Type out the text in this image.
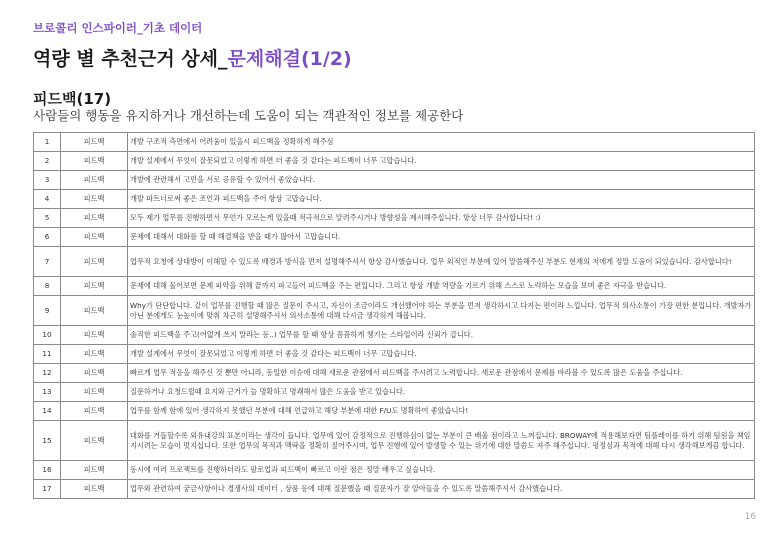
브로콜리 인스파이러_기초 데이터
역량 별 추천근거 상세_문제해결(1/2)
피드백(17)
사람들의 행동을 유지하거나 개선하는데 도움이 되는 객관적인 정보를 제공한다
1	피드백	개발 구조적 측면에서 어려움이 있을시 피드백을 정확하게 해주심
2	피드백	개발 설계에서 무엇이 잘못되었고 이렇게 하면 더 좋을 것 같다는 피드백이 너무 고맙습니다.
3	피드백	개발에 관련해서 고민을 서로 공유할 수 있어서 좋았습니다.
4	피드백	개발 파트너로써 좋은 조언과 피드백을 주어 항상 고맙습니다.
5	피드백	모두 제가 업무를 진행하면서 무언가 모르는게 있을때 적극적으로 알려주시거나 방향성을 제시해주십니다. 항상 너무 감사합니다! :)
6	피드백	문제에 대해서 대화를 할 때 해결책을 받을 때가 많아서 고맙습니다.
7	피드백	업무적 요청에 상대방이 이해할 수 있도록 배경과 방식을 먼저 설명해주셔서 항상 감사했습니다. 업무 외적인 부분에 있어 말씀해주신 부분도 현재의 저에게 정말 도움이 되었습니다. 감사합니다!
8	피드백	문제에 대해 물어보면 문제 파악을 위해 끝까지 파고들어 피드백을 주는 편입니다. 그리고 항상 개발 역량을 기르기 위해 스스로 노력하는 모습을 보며 좋은 자극을 받습니다.
9	피드백	Why가 단단합니다. 같이 업무를 진행할 때 많은 질문이 주시고, 자신이 조금이라도 개선했어야 하는 부분을 먼저 생각하시고 다지는 편이라 느낍니다. 업무적 의사소통이 가장 편한 분입니다. 개발자가 아닌 분에게도 눈높이에 맞춰 차근히 설명해주셔서 의사소통에 대해 다시금 생각하게 해봅니다.
10	피드백	솔직한 피드백을 주고(어없게 쓰지 말라는 등..) 업무를 할 때 항상 꼼꼼하게 챙기는 스타일이라 신뢰가 갑니다.
11	피드백	개발 설계에서 무엇이 잘못되었고 이렇게 하면 더 좋을 것 같다는 피드백이 너무 고맙습니다.
12	피드백	빠르게 업무 적응을 해주신 것 뿐만 아니라, 동일한 이슈에 대해 새로운 관점에서 피드백을 주시려고 노력합니다. 새로운 관점에서 문제를 바라볼 수 있도록 많은 도움을 주십니다.
13	피드백	질문하거나 요청드릴때 요지와 근거가 늘 명확하고 명쾌해서 많은 도움을 받고 있습니다.
14	피드백	업무를 함께 함에 있어 생각하지 못했던 부분에 대해 언급하고 해당 부분에 대한 F/U도 명확하여 좋았습니다!
15	피드백	대화를 거듭할수록 외유내강의 표본이라는 생각이 듭니다. 업무에 있어 감정적으로 진행하심이 없는 부분이 큰 배울 점이라고 느껴집니다. BROWAY에 적용해보자면 팀플레이를 하기 위해 팀원을 책임지시려는 모습이 멋지십니다. 또한 업무의 목적과 맥락을 정확히 짚어주시며, 업무 진행에 있어 발생할 수 있는 위기에 대한 말씀도 자주 해주십니다. 평정심과 목적에 대해 다시 생각해보게끔 합니다.
16	피드백	동시에 여러 프로젝트를 진행하더라도 팔로업과 피드백이 빠르고 이런 점은 정말 배우고 싶습니다.
17	피드백	업무와 관련하여 궁금사항이나 경쟁사의 데이터 , 상품 등에 대해 질문했을 때 질문자가 잘 알아들을 수 있도록 말씀해주셔서 감사했습니다.
16
